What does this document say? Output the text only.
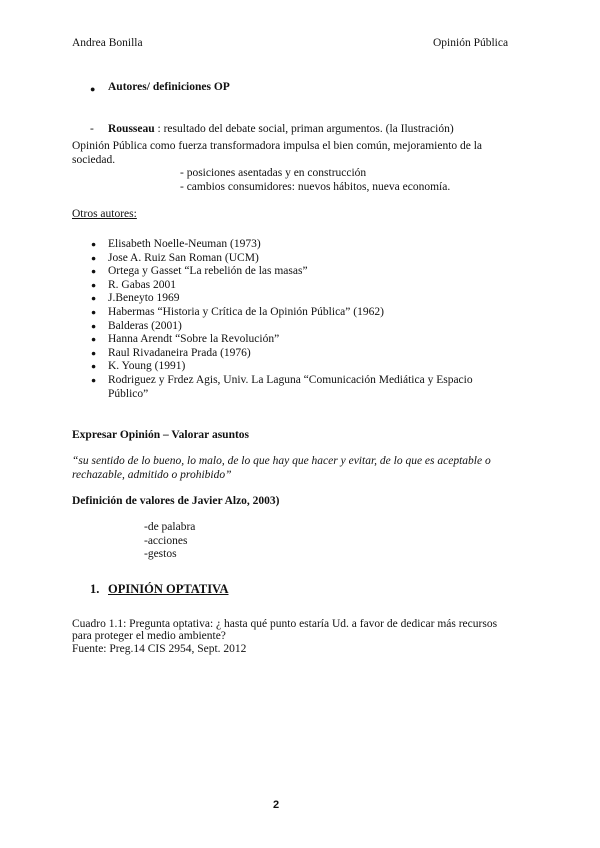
Andrea Bonilla	Opinión Pública
● Autores/ definiciones OP
- Rousseau : resultado del debate social, priman argumentos. (la Ilustración)
Opinión Pública como fuerza transformadora impulsa el bien común, mejoramiento de la
sociedad.
- posiciones asentadas y en construcción
- cambios consumidores: nuevos hábitos, nueva economía.
Otros autores:
● Elisabeth Noelle-Neuman (1973)
● Jose A. Ruiz San Roman (UCM)
● Ortega y Gasset “La rebelión de las masas”
● R. Gabas 2001
● J.Beneyto 1969
● Habermas “Historia y Crítica de la Opinión Pública” (1962)
● Balderas (2001)
● Hanna Arendt “Sobre la Revolución”
● Raul Rivadaneira Prada (1976)
● K. Young (1991)
● Rodriguez y Frdez Agis, Univ. La Laguna “Comunicación Mediática y Espacio
Público”
Expresar Opinión – Valorar asuntos
“su sentido de lo bueno, lo malo, de lo que hay que hacer y evitar, de lo que es aceptable o
rechazable, admitido o prohibido”
Definición de valores de Javier Alzo, 2003)
-de palabra
-acciones
-gestos
1. OPINIÓN OPTATIVA
Cuadro 1.1: Pregunta optativa: ¿ hasta qué punto estaría Ud. a favor de dedicar más recursos
para proteger el medio ambiente?
Fuente: Preg.14 CIS 2954, Sept. 2012
2
